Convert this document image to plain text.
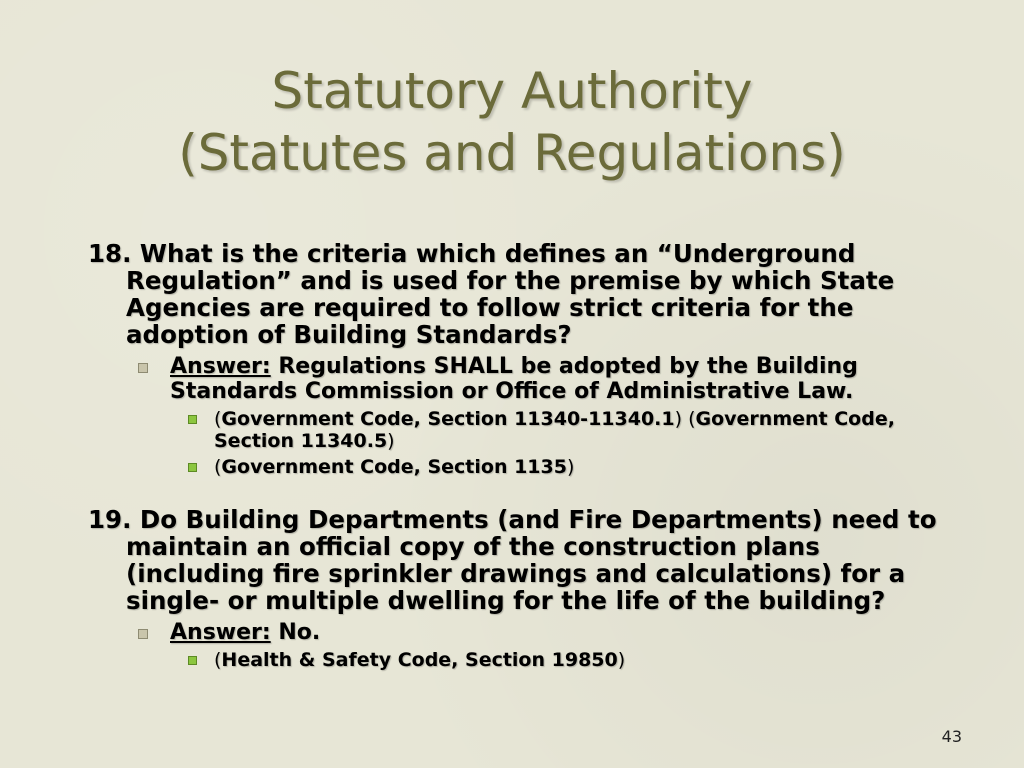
Statutory Authority
(Statutes and Regulations)

18. What is the criteria which defines an “Underground Regulation” and is used for the premise by which State Agencies are required to follow strict criteria for the adoption of Building Standards?

Answer: Regulations SHALL be adopted by the Building Standards Commission or Office of Administrative Law.
(Government Code, Section 11340-11340.1) (Government Code, Section 11340.5)
(Government Code, Section 1135)

19. Do Building Departments (and Fire Departments) need to maintain an official copy of the construction plans (including fire sprinkler drawings and calculations) for a single- or multiple dwelling for the life of the building?

Answer: No.
(Health & Safety Code, Section 19850)
43
